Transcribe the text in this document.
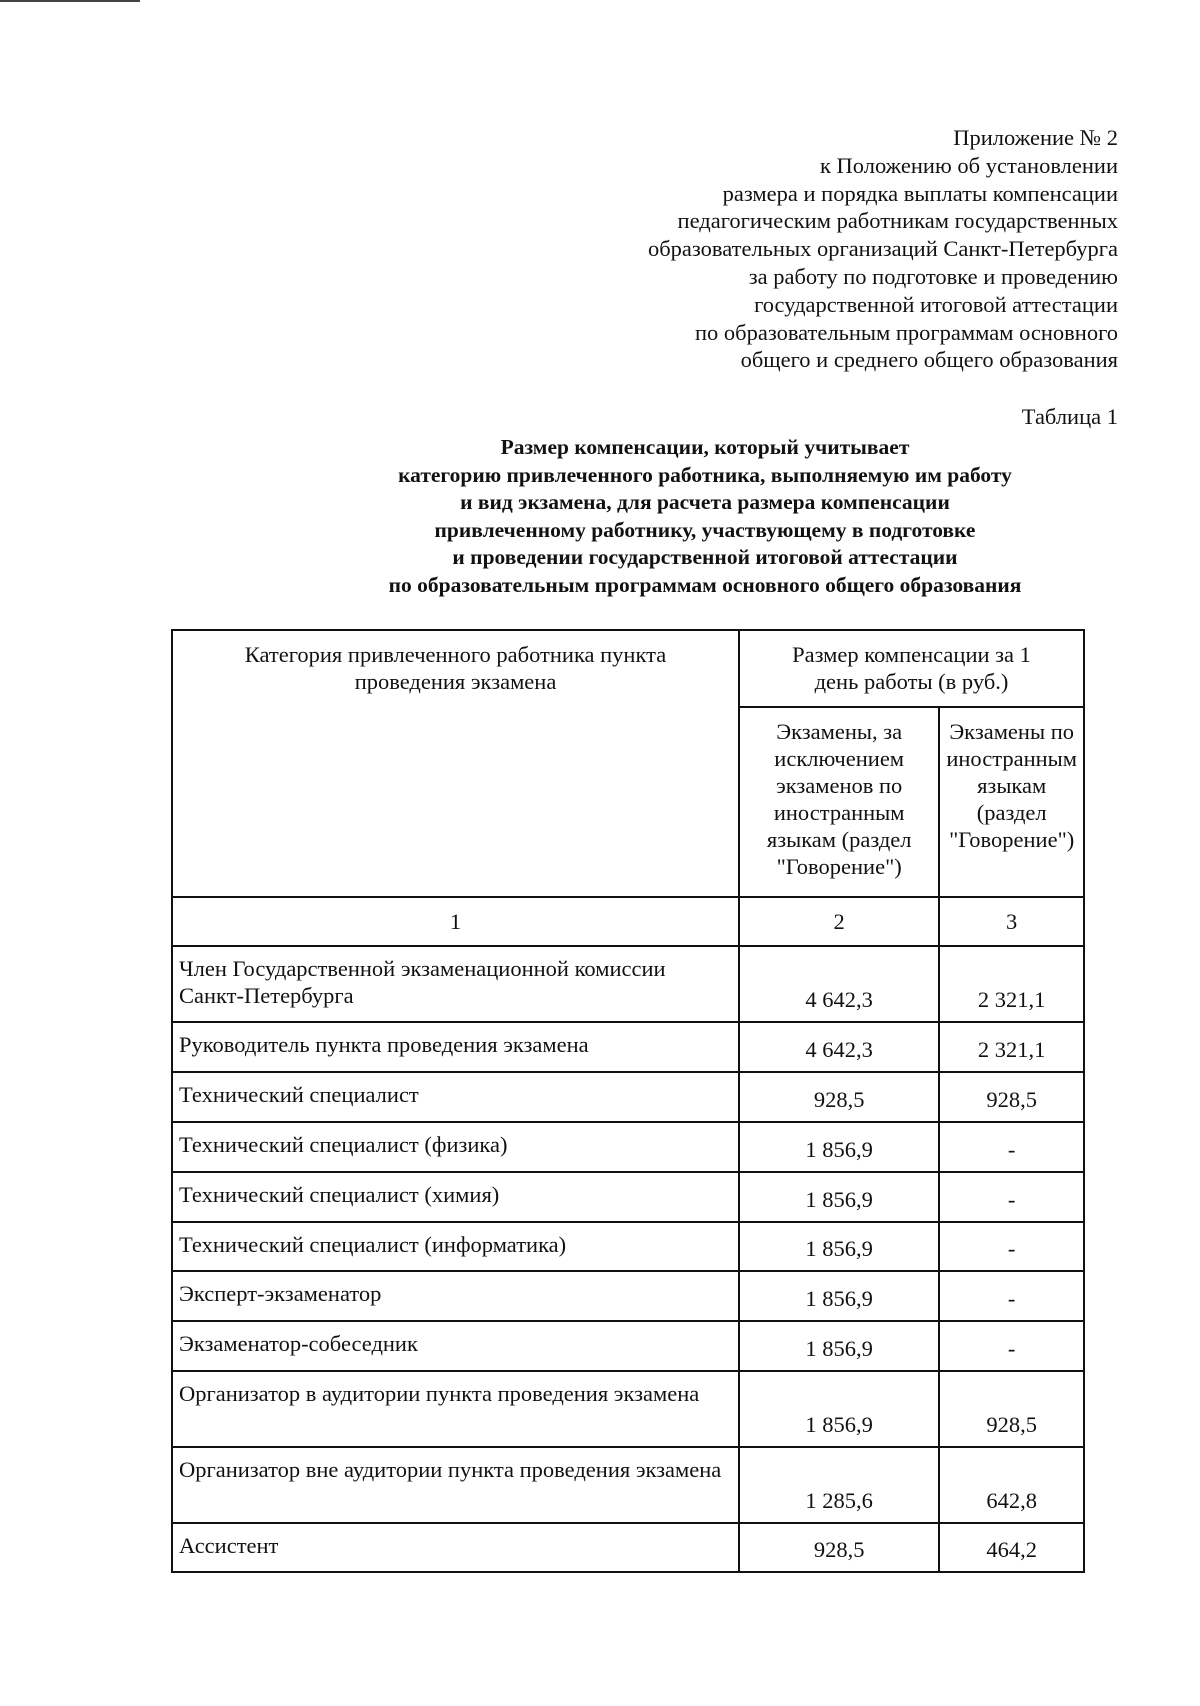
Приложение № 2
к Положению об установлении
размера и порядка выплаты компенсации
педагогическим работникам государственных
образовательных организаций Санкт-Петербурга
за работу по подготовке и проведению
государственной итоговой аттестации
по образовательным программам основного
общего и среднего общего образования
Таблица 1
Размер компенсации, который учитывает
категорию привлеченного работника, выполняемую им работу
и вид экзамена, для расчета размера компенсации
привлеченному работнику, участвующему в подготовке
и проведении государственной итоговой аттестации
по образовательным программам основного общего образования
Категория привлеченного работника пункта проведения экзамена	Размер компенсации за 1 день работы (в руб.)	
	Экзамены, за исключением экзаменов по иностранным языкам (раздел "Говорение")	Экзамены по иностранным языкам (раздел "Говорение")
1	2	3
Член Государственной экзаменационной комиссии Санкт-Петербурга	4 642,3	2 321,1
Руководитель пункта проведения экзамена	4 642,3	2 321,1
Технический специалист	928,5	928,5
Технический специалист (физика)	1 856,9	-
Технический специалист (химия)	1 856,9	-
Технический специалист (информатика)	1 856,9	-
Эксперт-экзаменатор	1 856,9	-
Экзаменатор-собеседник	1 856,9	-
Организатор в аудитории пункта проведения экзамена	1 856,9	928,5
Организатор вне аудитории пункта проведения экзамена	1 285,6	642,8
Ассистент	928,5	464,2
